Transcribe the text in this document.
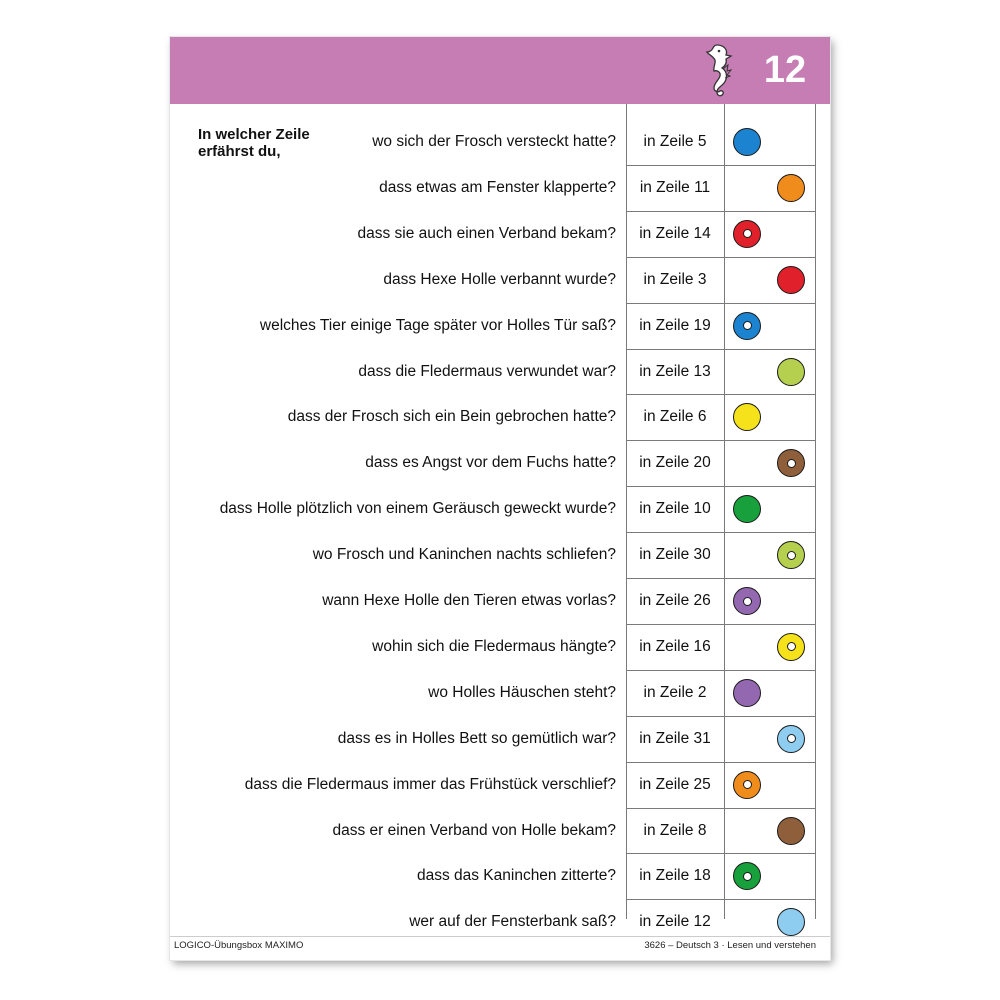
12
In welcher Zeile
erfährst du,
wo sich der Frosch versteckt hatte?	in Zeile 5
dass etwas am Fenster klapperte?	in Zeile 11
dass sie auch einen Verband bekam?	in Zeile 14
dass Hexe Holle verbannt wurde?	in Zeile 3
welches Tier einige Tage später vor Holles Tür saß?	in Zeile 19
dass die Fledermaus verwundet war?	in Zeile 13
dass der Frosch sich ein Bein gebrochen hatte?	in Zeile 6
dass es Angst vor dem Fuchs hatte?	in Zeile 20
dass Holle plötzlich von einem Geräusch geweckt wurde?	in Zeile 10
wo Frosch und Kaninchen nachts schliefen?	in Zeile 30
wann Hexe Holle den Tieren etwas vorlas?	in Zeile 26
wohin sich die Fledermaus hängte?	in Zeile 16
wo Holles Häuschen steht?	in Zeile 2
dass es in Holles Bett so gemütlich war?	in Zeile 31
dass die Fledermaus immer das Frühstück verschlief?	in Zeile 25
dass er einen Verband von Holle bekam?	in Zeile 8
dass das Kaninchen zitterte?	in Zeile 18
wer auf der Fensterbank saß?	in Zeile 12
LOGICO-Übungsbox MAXIMO	3626 – Deutsch 3 · Lesen und verstehen
